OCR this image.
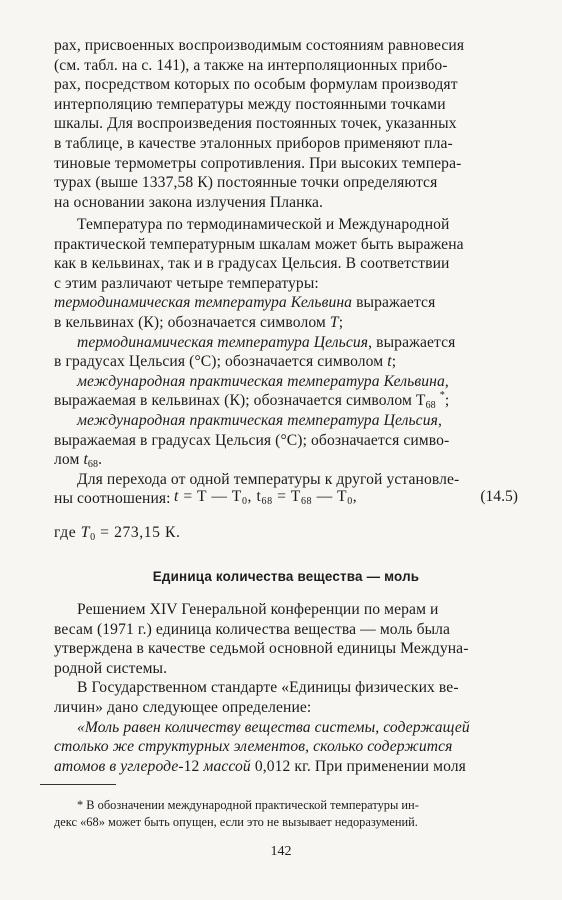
рах, присвоенных воспроизводимым состояниям равновесия

(см. табл. на с. 141), а также на интерполяционных прибо-

рах, посредством которых по особым формулам производят

интерполяцию температуры между постоянными точками

шкалы. Для воспроизведения постоянных точек, указанных

в таблице, в качестве эталонных приборов применяют пла-

тиновые термометры сопротивления. При высоких темпера-

турах (выше 1337,58 К) постоянные точки определяются

на основании закона излучения Планка.

Температура по термодинамической и Международной

практической температурным шкалам может быть выражена

как в кельвинах, так и в градусах Цельсия. В соответствии

с этим различают четыре температуры:

термодинамическая температура Кельвина выражается

в кельвинах (К); обозначается символом T;

термодинамическая температура Цельсия, выражается

в градусах Цельсия (°С); обозначается символом t;

международная практическая температура Кельвина,

выражаемая в кельвинах (К); обозначается символом $T_{68}$ *;

международная практическая температура Цельсия,

выражаемая в градусах Цельсия (°С); обозначается симво-

лом $t_{68}$.

Для перехода от одной температуры к другой установле-

ны соотношения: t = T — $T_0$, $t_{68} = T_{68}$ — $T_0$,	(14.5)
где $T_0 = 273,15$ К.
Единица количества вещества — моль

Решением XIV Генеральной конференции по мерам и

весам (1971 г.) единица количества вещества — моль была

утверждена в качестве седьмой основной единицы Междуна-

родной системы.

В Государственном стандарте «Единицы физических ве-

личин» дано следующее определение:

«Моль равен количеству вещества системы, содержащей

столько же структурных элементов, сколько содержится

атомов в углероде-12 массой 0,012 кг. При применении моля

* В обозначении международной практической температуры ин-

декс «68» может быть опущен, если это не вызывает недоразумений.

142
